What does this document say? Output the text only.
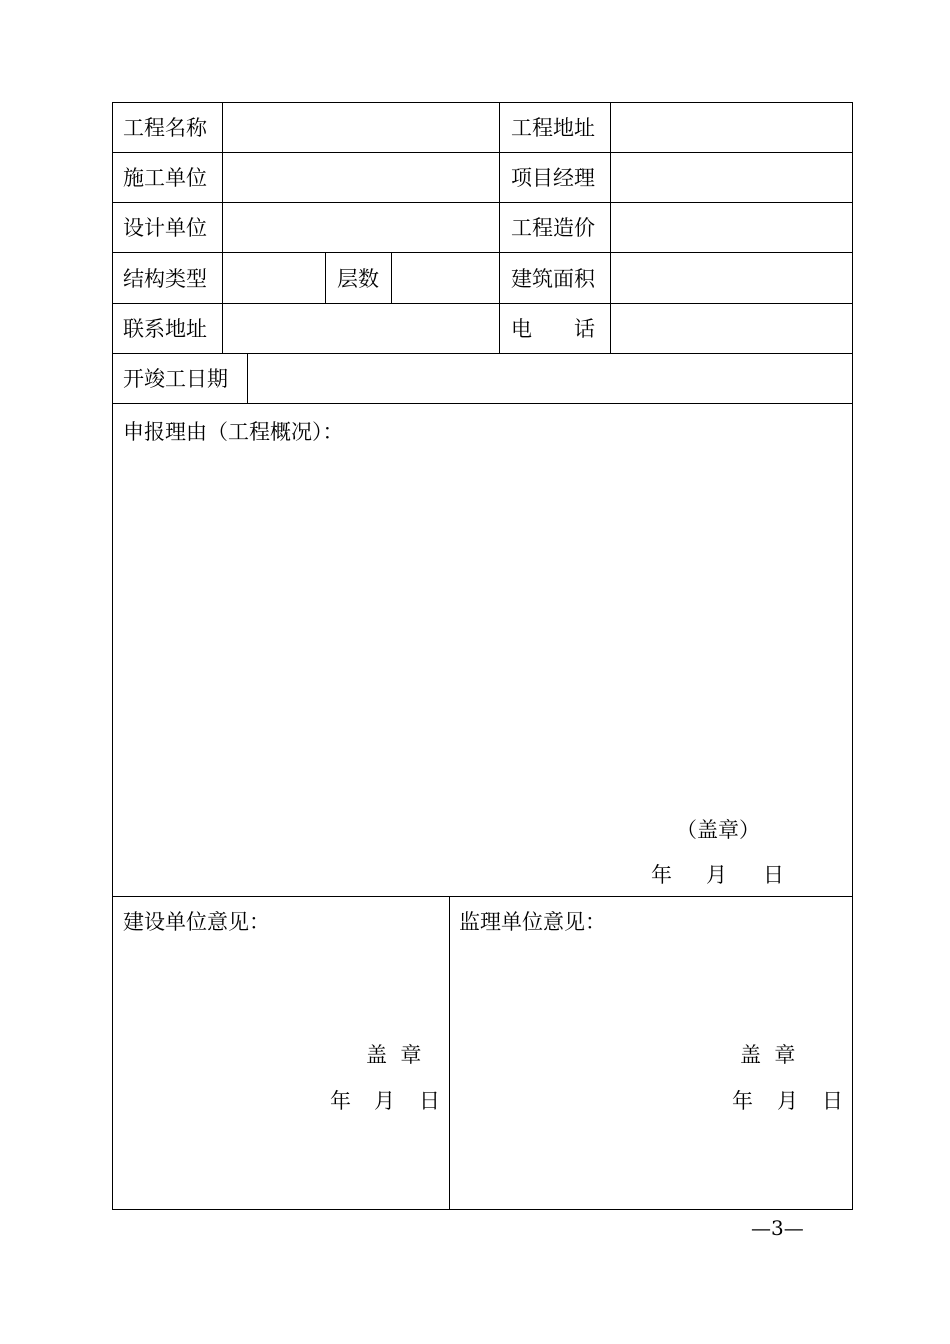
工程名称	工程地址
施工单位	项目经理
设计单位	工程造价
结构类型	层数	建筑面积
联系地址	电　　话
开竣工日期
申报理由（工程概况）：
（盖章）
年 月 日
建设单位意见：
盖  章
年 月 日
监理单位意见：
盖  章
年 月 日
—3—
